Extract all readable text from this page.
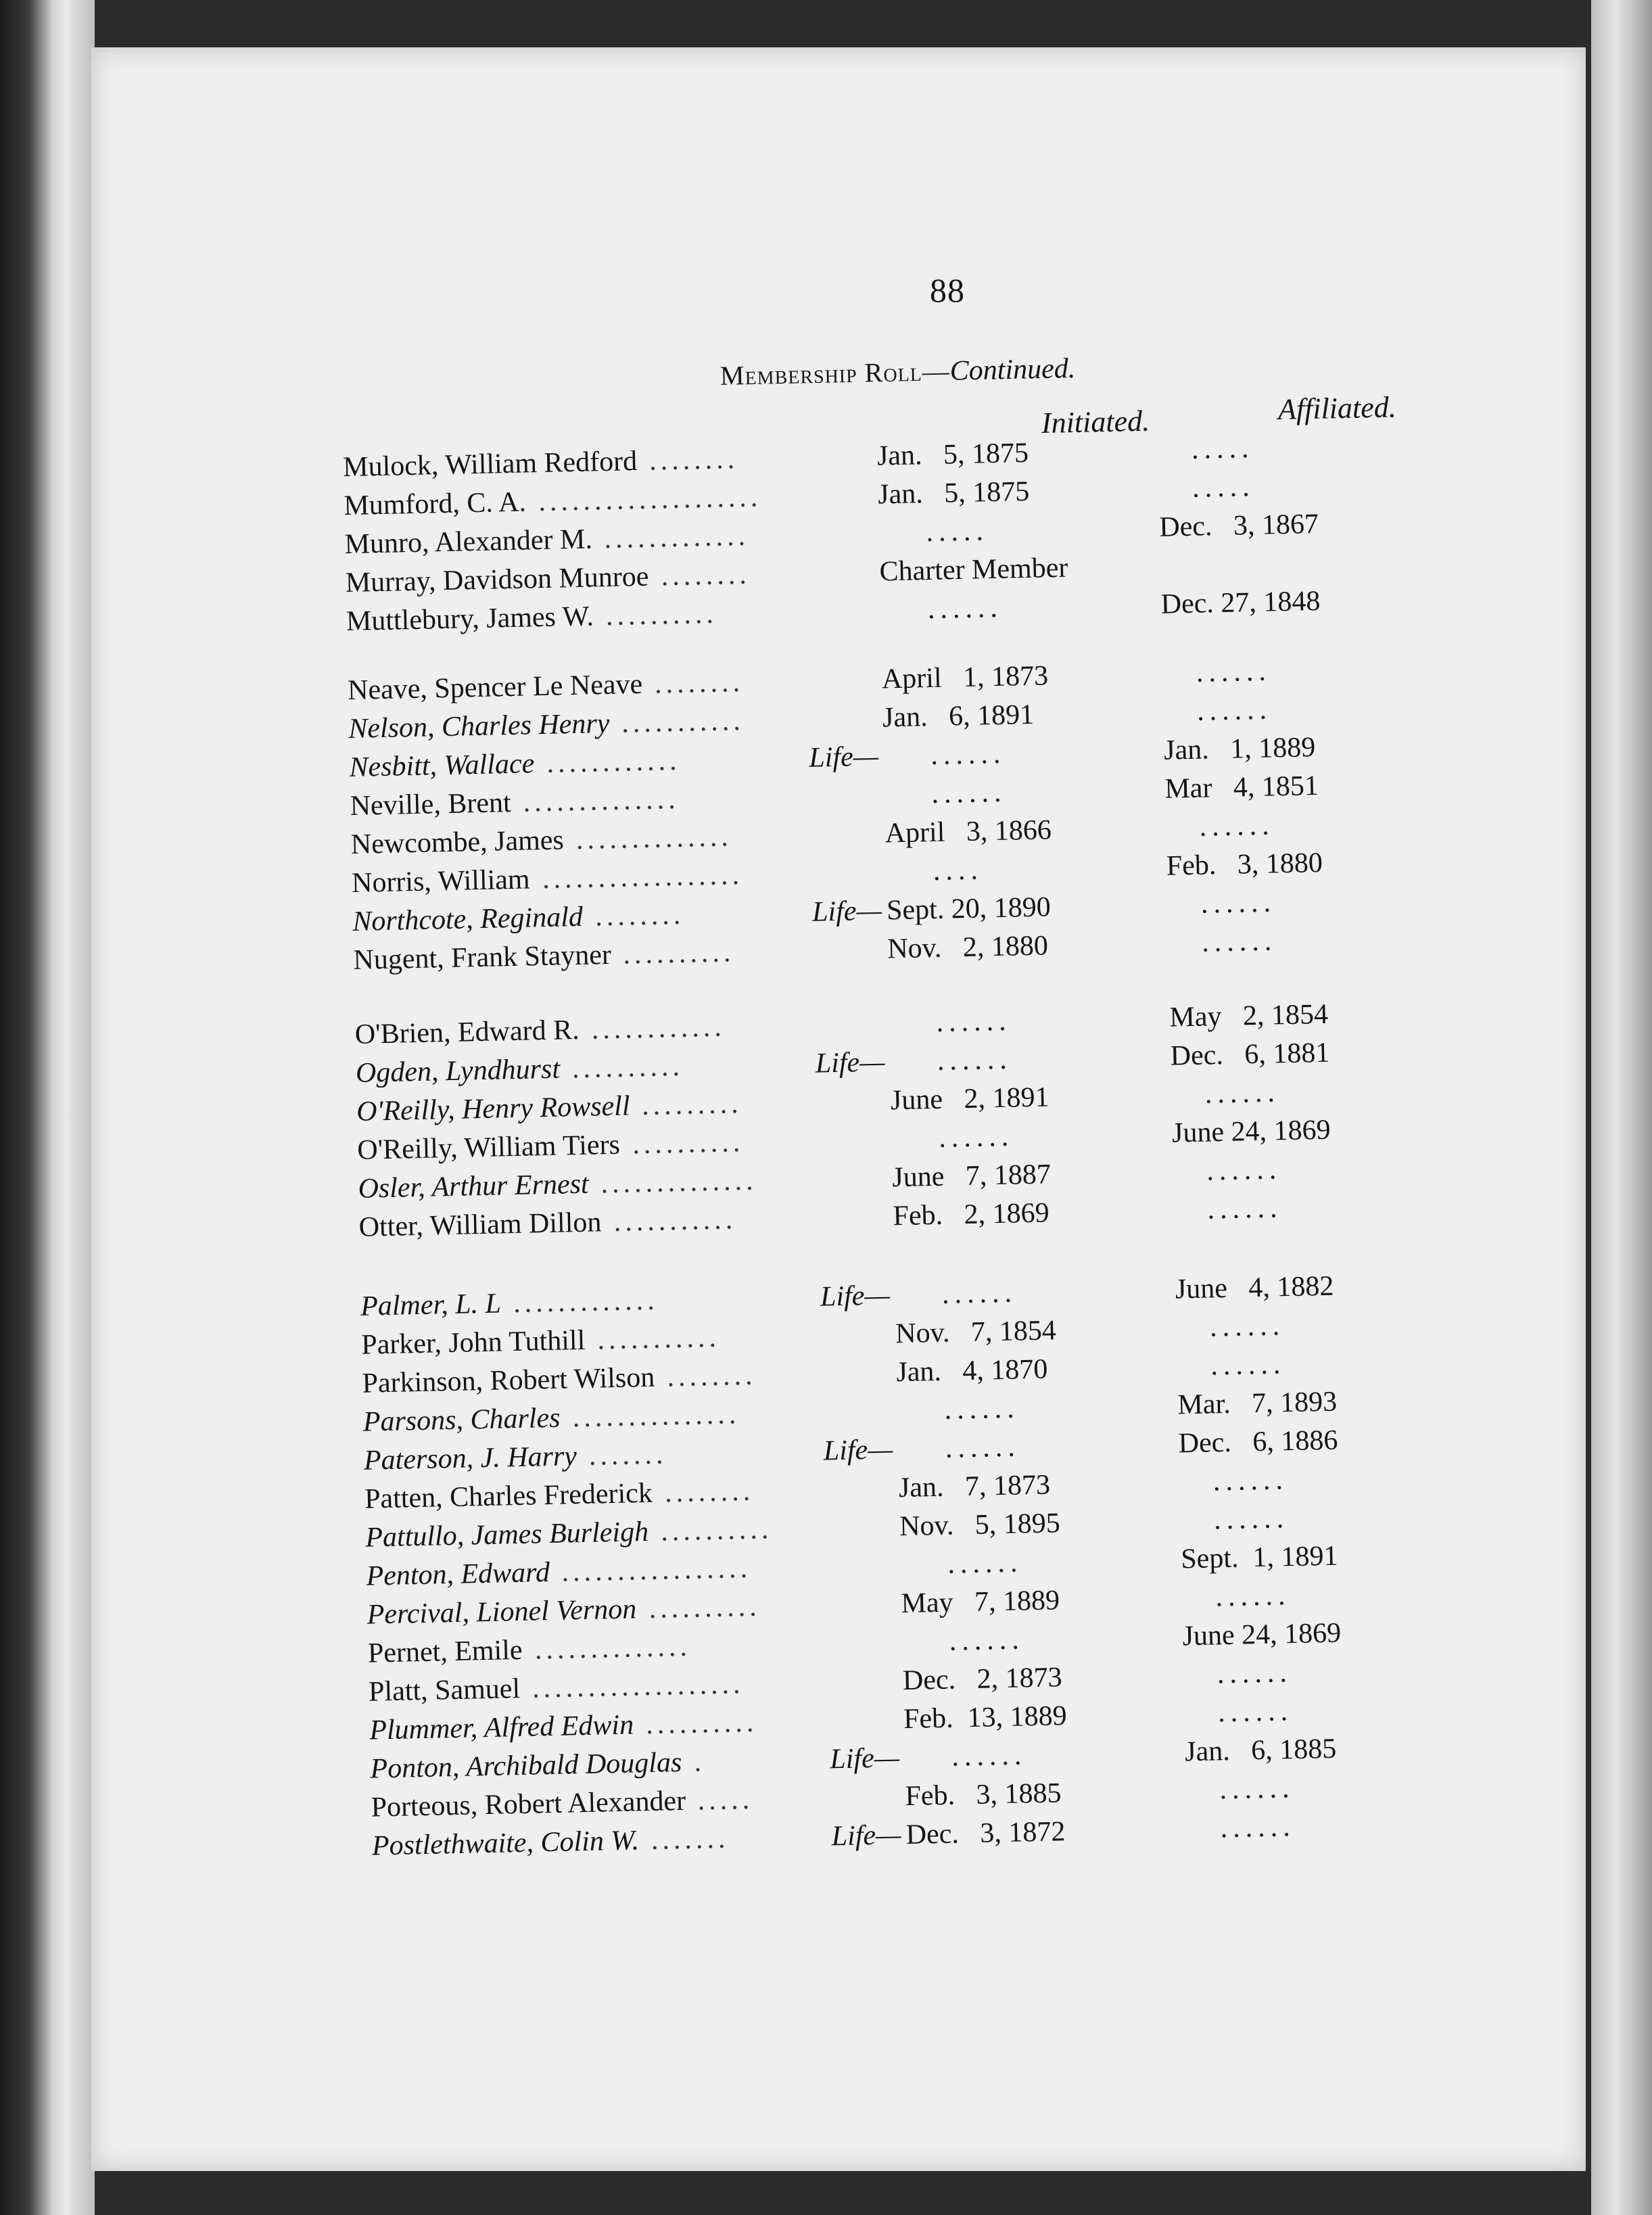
88
Membership Roll—Continued.
Initiated.	Affiliated.
Mulock, William Redford ........	Jan.   5, 1875	.....
Mumford, C. A. ....................	Jan.   5, 1875	.....
Munro, Alexander M. .............	.....	Dec.   3, 1867
Murray, Davidson Munroe ........	Charter Member
Muttlebury, James W. ..........	......	Dec. 27, 1848
Neave, Spencer Le Neave ........	April   1, 1873	......
Nelson, Charles Henry ...........	Jan.   6, 1891	......
Nesbitt, Wallace ............	Life— ......	Jan.   1, 1889
Neville, Brent ..............	......	Mar   4, 1851
Newcombe, James ..............	April   3, 1866	......
Norris, William ..................	....	Feb.   3, 1880
Northcote, Reginald ........	Life— Sept. 20, 1890	......
Nugent, Frank Stayner ..........	Nov.   2, 1880	......
O'Brien, Edward R. ............	......	May   2, 1854
Ogden, Lyndhurst ..........	Life— ......	Dec.   6, 1881
O'Reilly, Henry Rowsell .........	June   2, 1891	......
O'Reilly, William Tiers ..........	......	June 24, 1869
Osler, Arthur Ernest ..............	June   7, 1887	......
Otter, William Dillon ...........	Feb.   2, 1869	......
Palmer, L. L .............	Life— ......	June   4, 1882
Parker, John Tuthill ...........	Nov.   7, 1854	......
Parkinson, Robert Wilson ........	Jan.   4, 1870	......
Parsons, Charles ...............	......	Mar.   7, 1893
Paterson, J. Harry .......	Life— ......	Dec.   6, 1886
Patten, Charles Frederick ........	Jan.   7, 1873	......
Pattullo, James Burleigh ..........	Nov.   5, 1895	......
Penton, Edward .................	......	Sept.  1, 1891
Percival, Lionel Vernon ..........	May   7, 1889	......
Pernet, Emile ..............	......	June 24, 1869
Platt, Samuel ...................	Dec.   2, 1873	......
Plummer, Alfred Edwin ..........	Feb.  13, 1889	......
Ponton, Archibald Douglas .	Life— ......	Jan.   6, 1885
Porteous, Robert Alexander .....	Feb.   3, 1885	......
Postlethwaite, Colin W. .......	Life— Dec.   3, 1872	......
